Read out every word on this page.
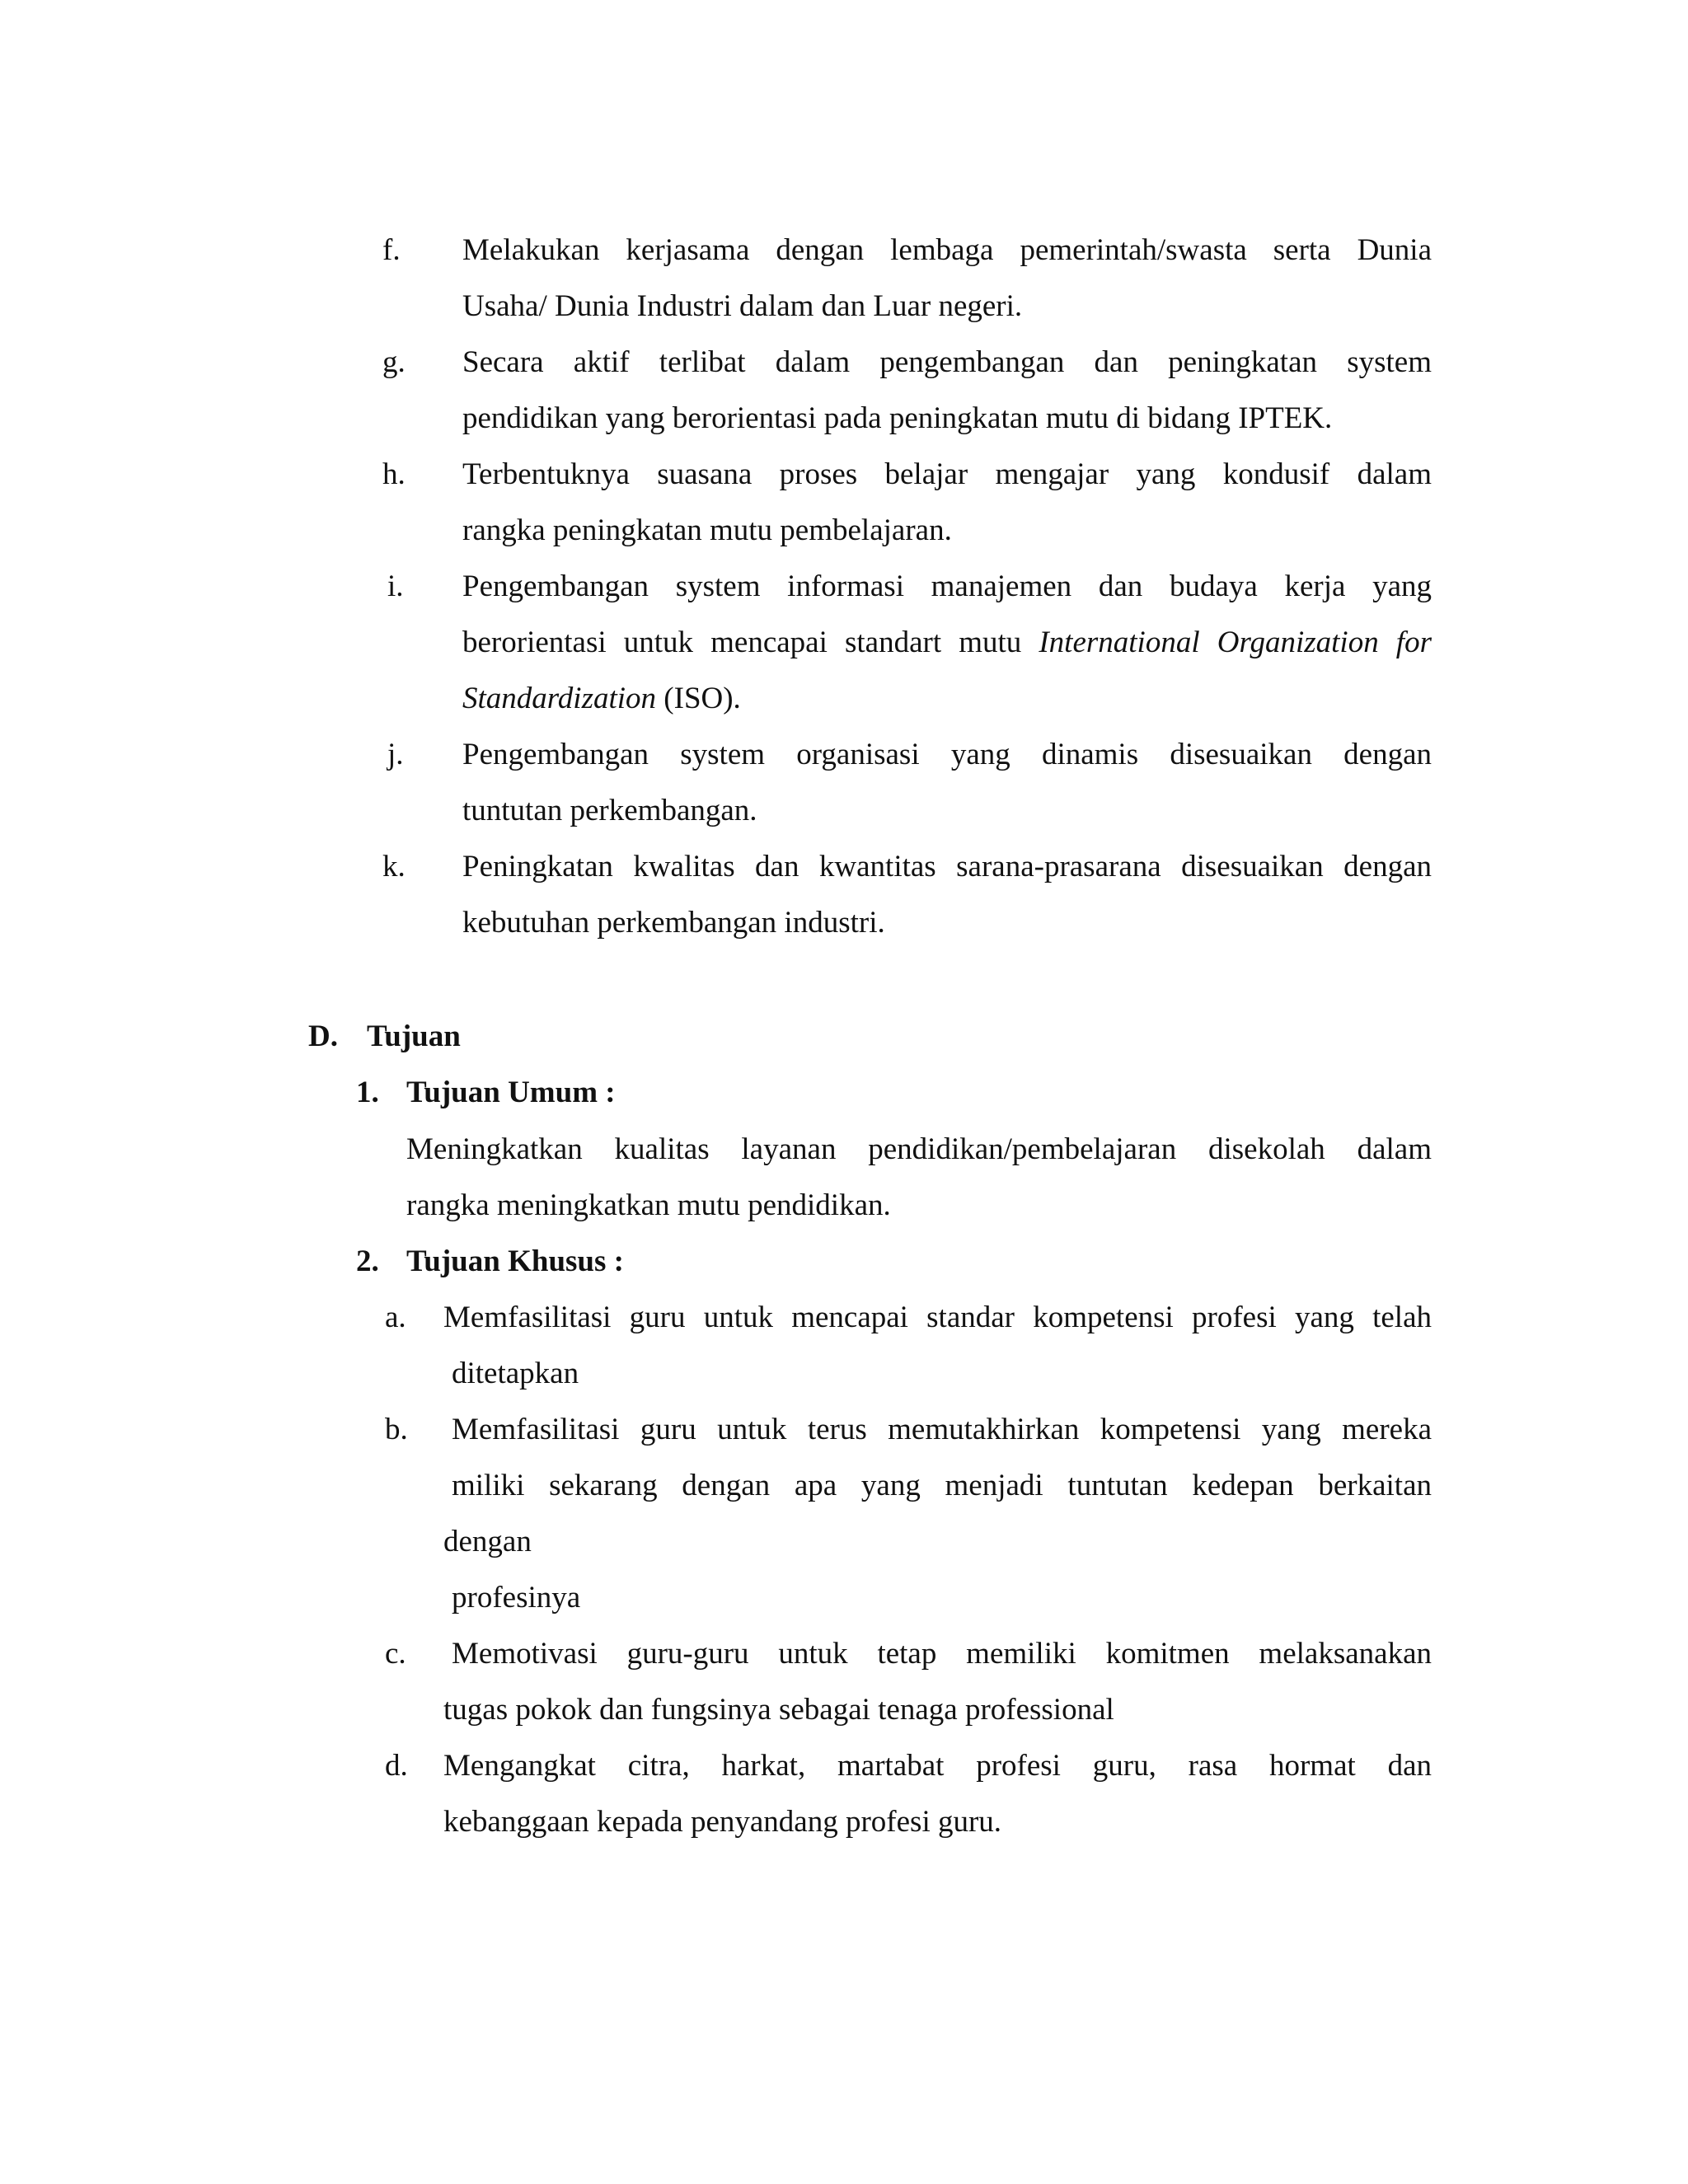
f. Melakukan kerjasama dengan lembaga pemerintah/swasta serta Dunia
Usaha/ Dunia Industri dalam dan Luar negeri.
g. Secara aktif terlibat dalam pengembangan dan peningkatan system
pendidikan yang berorientasi pada peningkatan mutu di bidang IPTEK.
h. Terbentuknya suasana proses belajar mengajar yang kondusif dalam
rangka peningkatan mutu pembelajaran.
i. Pengembangan system informasi manajemen dan budaya kerja yang
berorientasi untuk mencapai standart mutu International Organization for
Standardization (ISO).
j. Pengembangan system organisasi yang dinamis disesuaikan dengan
tuntutan perkembangan.
k. Peningkatan kwalitas dan kwantitas sarana-prasarana disesuaikan dengan
kebutuhan perkembangan industri.
D. Tujuan
1. Tujuan Umum :
Meningkatkan kualitas layanan pendidikan/pembelajaran disekolah dalam
rangka meningkatkan mutu pendidikan.
2. Tujuan Khusus :
a. Memfasilitasi guru untuk mencapai standar kompetensi profesi yang telah
ditetapkan
b. Memfasilitasi guru untuk terus memutakhirkan kompetensi yang mereka
miliki sekarang dengan apa yang menjadi tuntutan kedepan berkaitan
dengan
profesinya
c. Memotivasi guru-guru untuk tetap memiliki komitmen melaksanakan
tugas pokok dan fungsinya sebagai tenaga professional
d. Mengangkat citra, harkat, martabat profesi guru, rasa hormat dan
kebanggaan kepada penyandang profesi guru.
